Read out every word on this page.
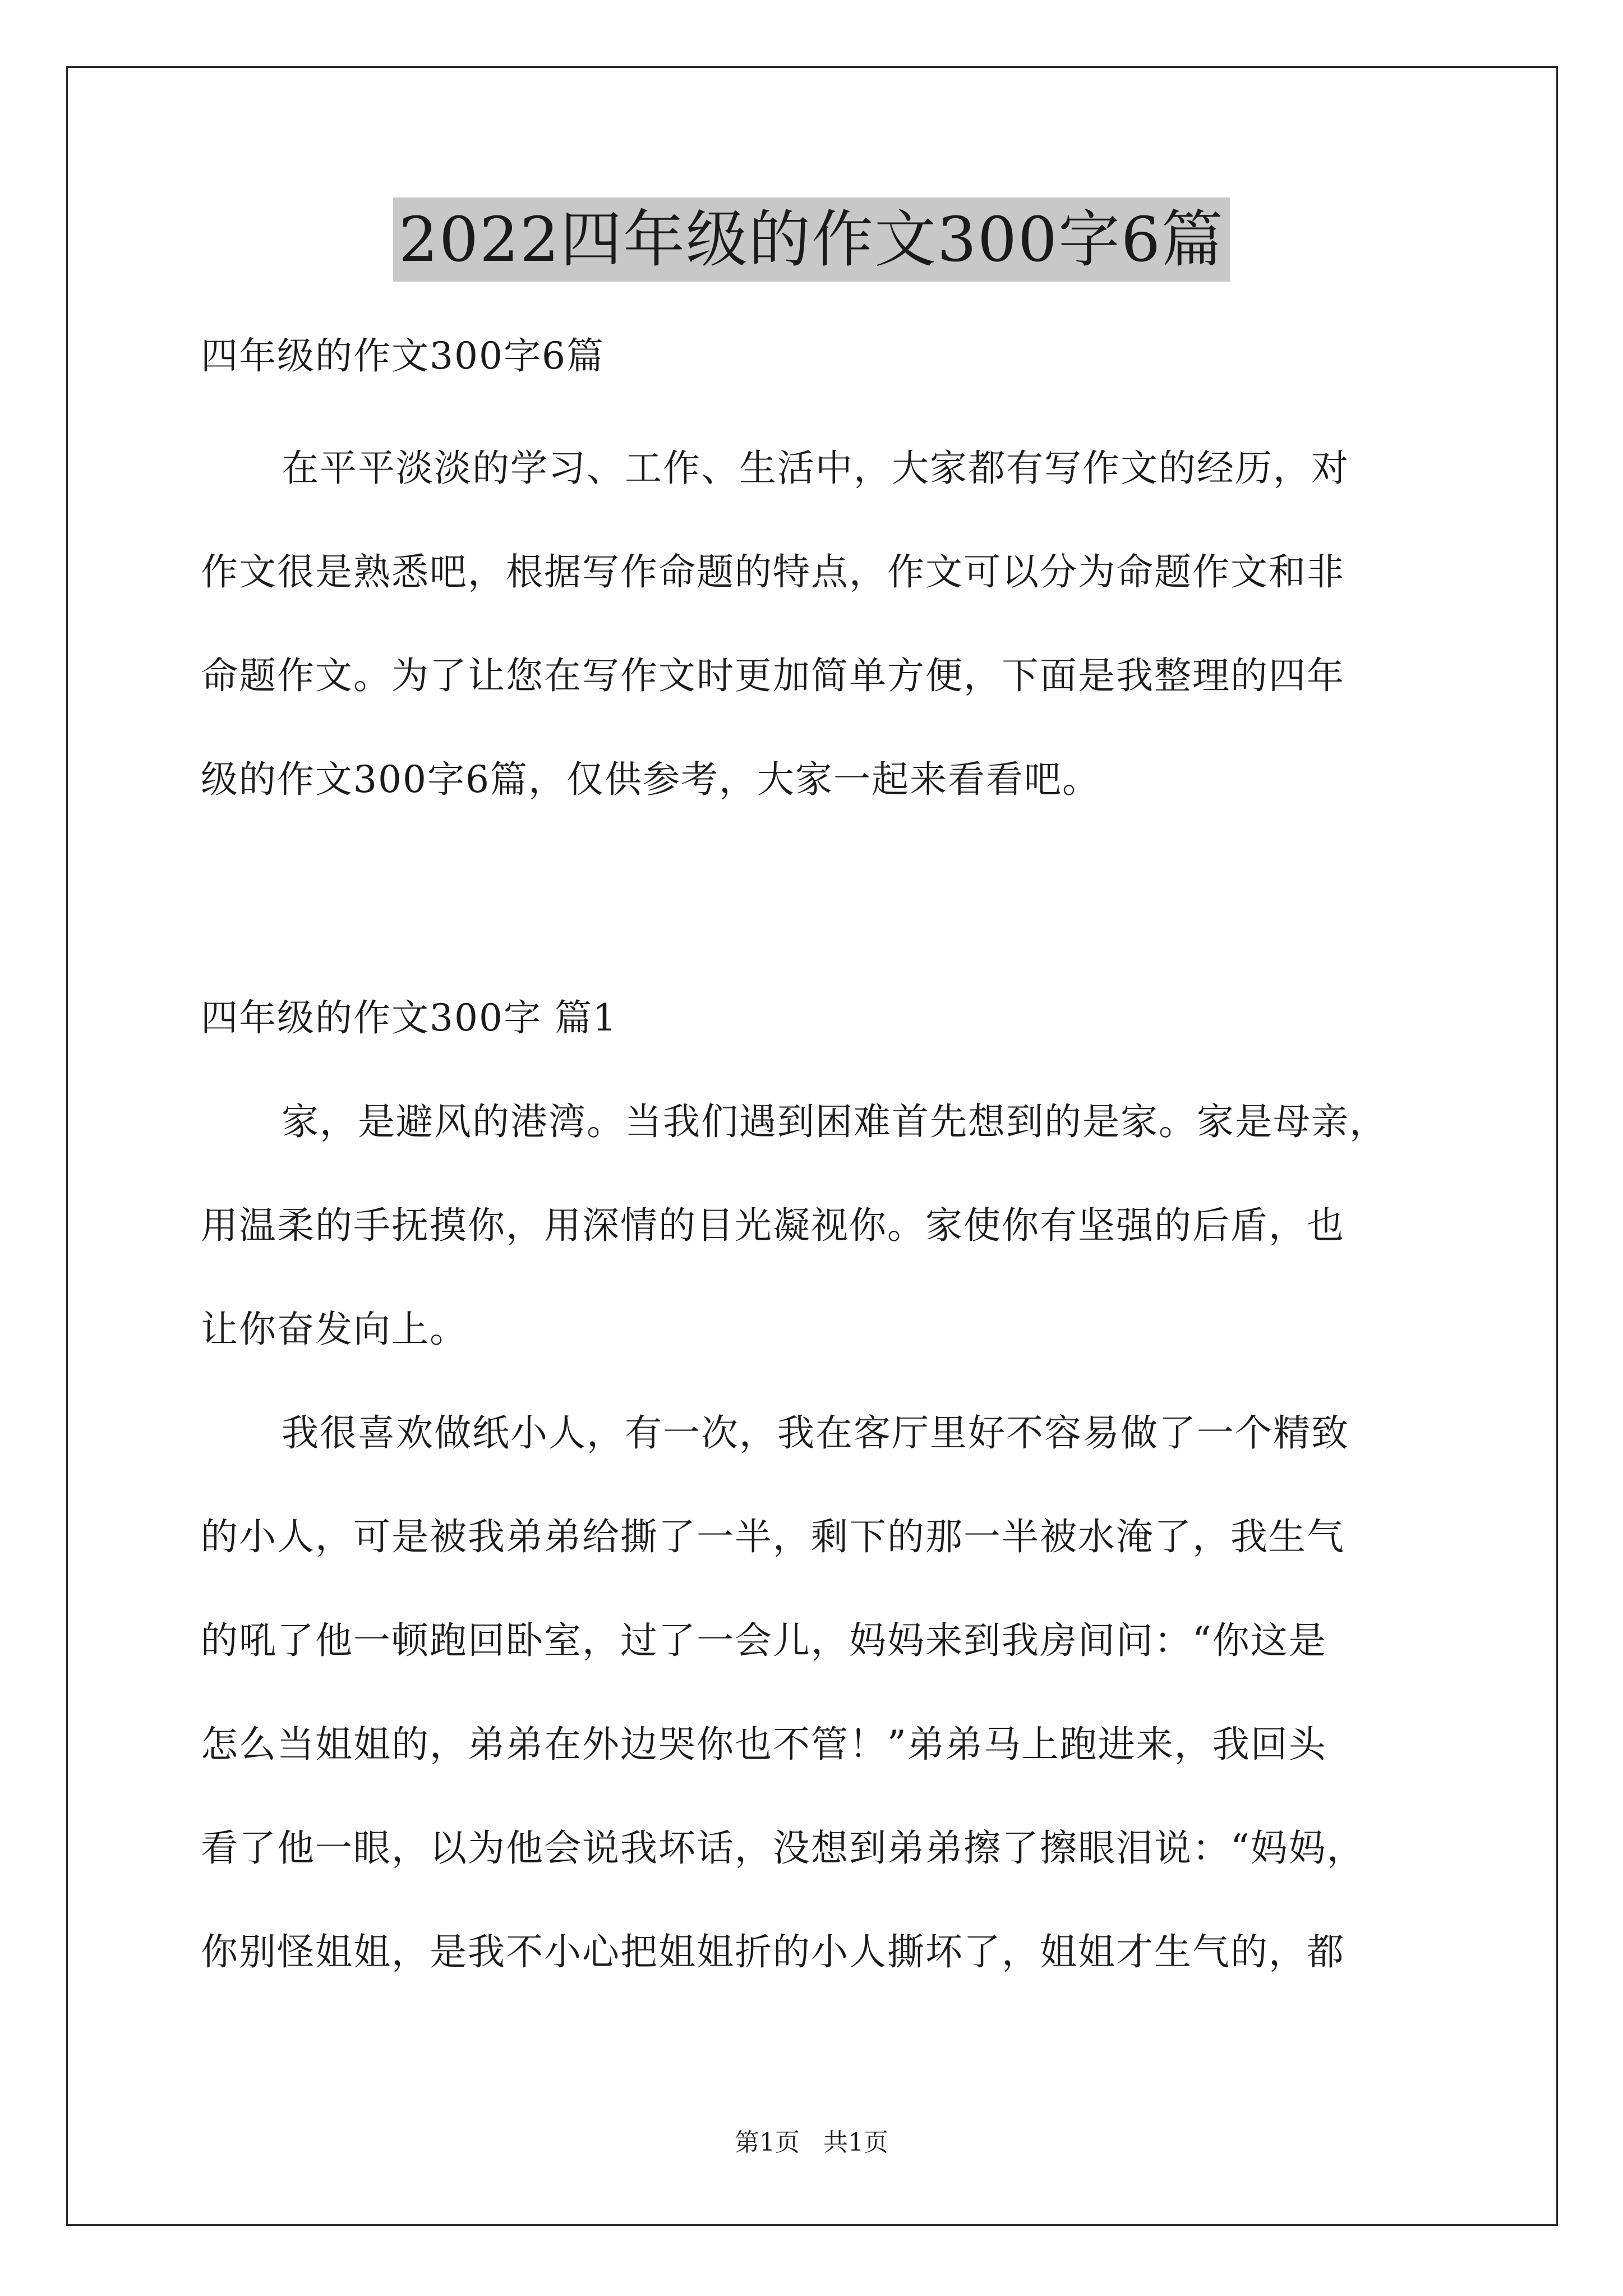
2022四年级的作文300字6篇
四年级的作文300字6篇
在平平淡淡的学习、工作、生活中，大家都有写作文的经历，对
作文很是熟悉吧，根据写作命题的特点，作文可以分为命题作文和非
命题作文。为了让您在写作文时更加简单方便，下面是我整理的四年
级的作文300字6篇，仅供参考，大家一起来看看吧。
四年级的作文300字 篇1
家，是避风的港湾。当我们遇到困难首先想到的是家。家是母亲，
用温柔的手抚摸你，用深情的目光凝视你。家使你有坚强的后盾，也
让你奋发向上。
我很喜欢做纸小人，有一次，我在客厅里好不容易做了一个精致
的小人，可是被我弟弟给撕了一半，剩下的那一半被水淹了，我生气
的吼了他一顿跑回卧室，过了一会儿，妈妈来到我房间问：“你这是
怎么当姐姐的，弟弟在外边哭你也不管！”弟弟马上跑进来，我回头
看了他一眼，以为他会说我坏话，没想到弟弟擦了擦眼泪说：“妈妈，
你别怪姐姐，是我不小心把姐姐折的小人撕坏了，姐姐才生气的，都
第1页 共1页
